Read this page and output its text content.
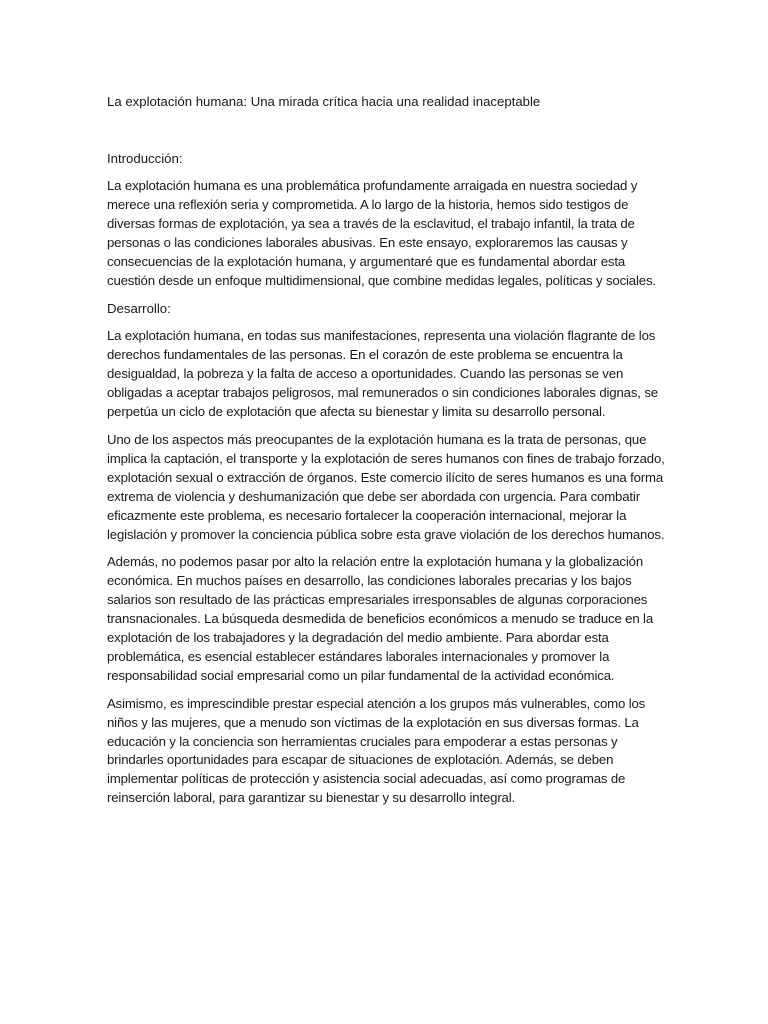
La explotación humana: Una mirada crítica hacia una realidad inaceptable
Introducción:

La explotación humana es una problemática profundamente arraigada en nuestra sociedad y merece una reflexión seria y comprometida. A lo largo de la historia, hemos sido testigos de diversas formas de explotación, ya sea a través de la esclavitud, el trabajo infantil, la trata de personas o las condiciones laborales abusivas. En este ensayo, exploraremos las causas y consecuencias de la explotación humana, y argumentaré que es fundamental abordar esta cuestión desde un enfoque multidimensional, que combine medidas legales, políticas y sociales.

Desarrollo:

La explotación humana, en todas sus manifestaciones, representa una violación flagrante de los derechos fundamentales de las personas. En el corazón de este problema se encuentra la desigualdad, la pobreza y la falta de acceso a oportunidades. Cuando las personas se ven obligadas a aceptar trabajos peligrosos, mal remunerados o sin condiciones laborales dignas, se perpetúa un ciclo de explotación que afecta su bienestar y limita su desarrollo personal.

Uno de los aspectos más preocupantes de la explotación humana es la trata de personas, que implica la captación, el transporte y la explotación de seres humanos con fines de trabajo forzado, explotación sexual o extracción de órganos. Este comercio ilícito de seres humanos es una forma extrema de violencia y deshumanización que debe ser abordada con urgencia. Para combatir eficazmente este problema, es necesario fortalecer la cooperación internacional, mejorar la legislación y promover la conciencia pública sobre esta grave violación de los derechos humanos.

Además, no podemos pasar por alto la relación entre la explotación humana y la globalización económica. En muchos países en desarrollo, las condiciones laborales precarias y los bajos salarios son resultado de las prácticas empresariales irresponsables de algunas corporaciones transnacionales. La búsqueda desmedida de beneficios económicos a menudo se traduce en la explotación de los trabajadores y la degradación del medio ambiente. Para abordar esta problemática, es esencial establecer estándares laborales internacionales y promover la responsabilidad social empresarial como un pilar fundamental de la actividad económica.

Asimismo, es imprescindible prestar especial atención a los grupos más vulnerables, como los niños y las mujeres, que a menudo son víctimas de la explotación en sus diversas formas. La educación y la conciencia son herramientas cruciales para empoderar a estas personas y brindarles oportunidades para escapar de situaciones de explotación. Además, se deben implementar políticas de protección y asistencia social adecuadas, así como programas de reinserción laboral, para garantizar su bienestar y su desarrollo integral.
